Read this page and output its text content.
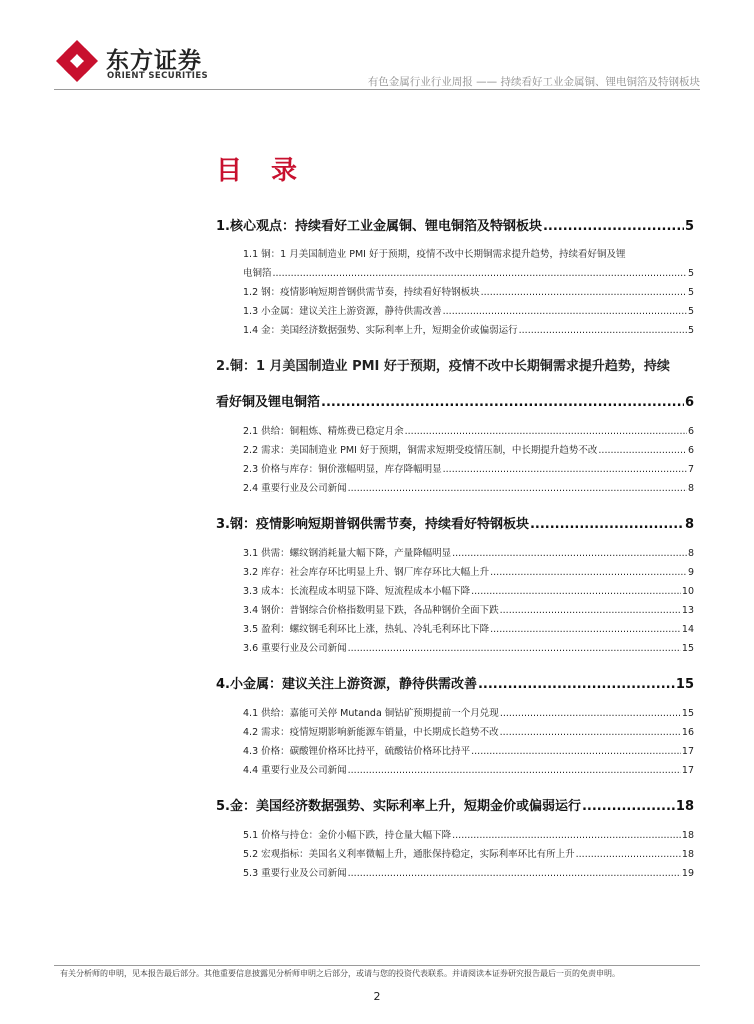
东方证券
ORIENT SECURITIES	有色金属行业行业周报 —— 持续看好工业金属铜、锂电铜箔及特钢板块
目 录
1.核心观点：持续看好工业金属铜、锂电铜箔及特钢板块 .....	5
1.1 铜：1 月美国制造业 PMI 好于预期，疫情不改中长期铜需求提升趋势，持续看好铜及锂
电铜箔 .....	5
1.2 钢：疫情影响短期普钢供需节奏，持续看好特钢板块 .....	5
1.3 小金属：建议关注上游资源，静待供需改善 .....	5
1.4 金：美国经济数据强势、实际利率上升，短期金价或偏弱运行 .....	5
2.铜：1 月美国制造业 PMI 好于预期，疫情不改中长期铜需求提升趋势，持续
看好铜及锂电铜箔 .....	6
2.1 供给：铜粗炼、精炼费已稳定月余 .....	6
2.2 需求：美国制造业 PMI 好于预期，铜需求短期受疫情压制，中长期提升趋势不改 .....	6
2.3 价格与库存：铜价涨幅明显，库存降幅明显 .....	7
2.4 重要行业及公司新闻 .....	8
3.钢：疫情影响短期普钢供需节奏，持续看好特钢板块 .....	8
3.1 供需：螺纹钢消耗量大幅下降，产量降幅明显 .....	8
3.2 库存：社会库存环比明显上升、钢厂库存环比大幅上升 .....	9
3.3 成本：长流程成本明显下降、短流程成本小幅下降 .....	10
3.4 钢价：普钢综合价格指数明显下跌，各品种钢价全面下跌 .....	13
3.5 盈利：螺纹钢毛利环比上涨，热轧、冷轧毛利环比下降 .....	14
3.6 重要行业及公司新闻 .....	15
4.小金属：建议关注上游资源，静待供需改善 .....	15
4.1 供给：嘉能可关停 Mutanda 铜钴矿预期提前一个月兑现 .....	15
4.2 需求：疫情短期影响新能源车销量，中长期成长趋势不改 .....	16
4.3 价格：碳酸锂价格环比持平，硫酸钴价格环比持平 .....	17
4.4 重要行业及公司新闻 .....	17
5.金：美国经济数据强势、实际利率上升，短期金价或偏弱运行 .....	18
5.1 价格与持仓：金价小幅下跌，持仓量大幅下降 .....	18
5.2 宏观指标：美国名义利率微幅上升，通胀保持稳定，实际利率环比有所上升 .....	18
5.3 重要行业及公司新闻 .....	19
有关分析师的申明，见本报告最后部分。其他重要信息披露见分析师申明之后部分，或请与您的投资代表联系。并请阅读本证券研究报告最后一页的免责申明。
2
